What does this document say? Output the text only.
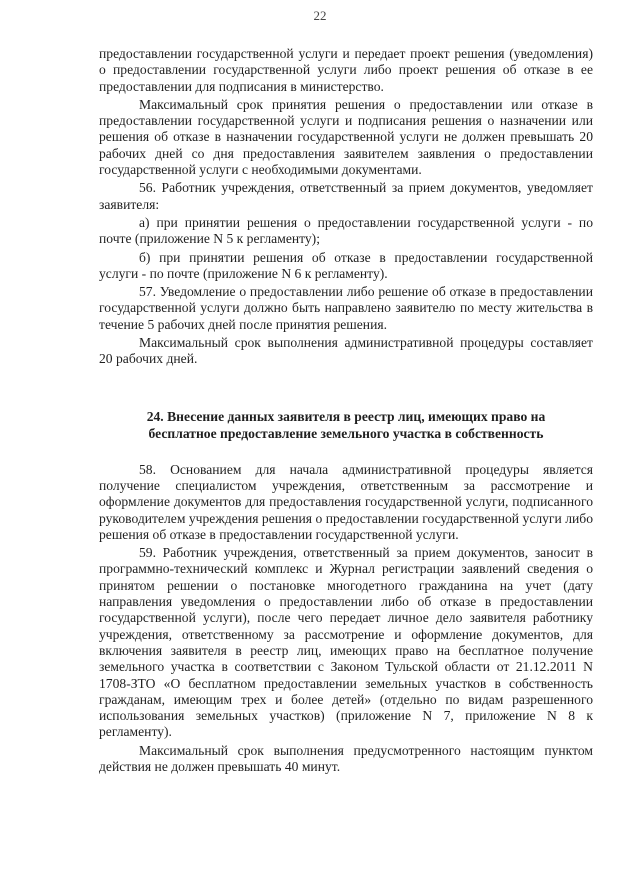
22

предоставлении государственной услуги и передает проект решения (уведомления) о предоставлении государственной услуги либо проект решения об отказе в ее предоставлении для подписания в министерство.

Максимальный срок принятия решения о предоставлении или отказе в предоставлении государственной услуги и подписания решения о назначении или решения об отказе в назначении государственной услуги не должен превышать 20 рабочих дней со дня предоставления заявителем заявления о предоставлении государственной услуги с необходимыми документами.

56. Работник учреждения, ответственный за прием документов, уведомляет заявителя:

а) при принятии решения о предоставлении государственной услуги - по почте (приложение N 5 к регламенту);

б) при принятии решения об отказе в предоставлении государственной услуги - по почте (приложение N 6 к регламенту).

57. Уведомление о предоставлении либо решение об отказе в предоставлении государственной услуги должно быть направлено заявителю по месту жительства в течение 5 рабочих дней после принятия решения.

Максимальный срок выполнения административной процедуры составляет 20 рабочих дней.

24. Внесение данных заявителя в реестр лиц, имеющих право на
бесплатное предоставление земельного участка в собственность

58. Основанием для начала административной процедуры является получение специалистом учреждения, ответственным за рассмотрение и оформление документов для предоставления государственной услуги, подписанного руководителем учреждения решения о предоставлении государственной услуги либо решения об отказе в предоставлении государственной услуги.

59. Работник учреждения, ответственный за прием документов, заносит в программно-технический комплекс и Журнал регистрации заявлений сведения о принятом решении о постановке многодетного гражданина на учет (дату направления уведомления о предоставлении либо об отказе в предоставлении государственной услуги), после чего передает личное дело заявителя работнику учреждения, ответственному за рассмотрение и оформление документов, для включения заявителя в реестр лиц, имеющих право на бесплатное получение земельного участка в соответствии с Законом Тульской области от 21.12.2011 N 1708-ЗТО «О бесплатном предоставлении земельных участков в собственность гражданам, имеющим трех и более детей» (отдельно по видам разрешенного использования земельных участков) (приложение N 7, приложение N 8 к регламенту).

Максимальный срок выполнения предусмотренного настоящим пунктом действия не должен превышать 40 минут.
